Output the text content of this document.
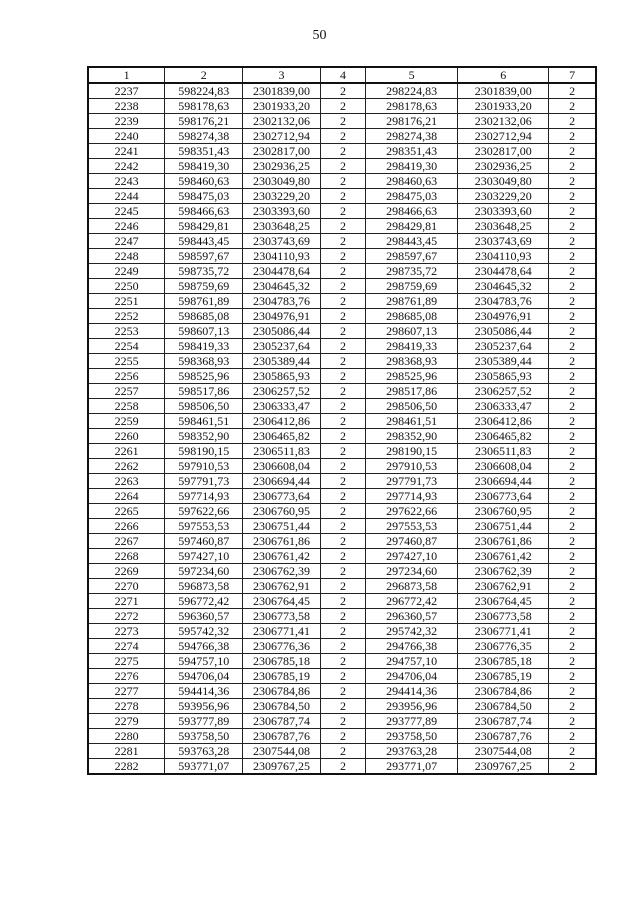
50
1	2	3	4	5	6	7
2237	598224,83	2301839,00	2	298224,83	2301839,00	2
2238	598178,63	2301933,20	2	298178,63	2301933,20	2
2239	598176,21	2302132,06	2	298176,21	2302132,06	2
2240	598274,38	2302712,94	2	298274,38	2302712,94	2
2241	598351,43	2302817,00	2	298351,43	2302817,00	2
2242	598419,30	2302936,25	2	298419,30	2302936,25	2
2243	598460,63	2303049,80	2	298460,63	2303049,80	2
2244	598475,03	2303229,20	2	298475,03	2303229,20	2
2245	598466,63	2303393,60	2	298466,63	2303393,60	2
2246	598429,81	2303648,25	2	298429,81	2303648,25	2
2247	598443,45	2303743,69	2	298443,45	2303743,69	2
2248	598597,67	2304110,93	2	298597,67	2304110,93	2
2249	598735,72	2304478,64	2	298735,72	2304478,64	2
2250	598759,69	2304645,32	2	298759,69	2304645,32	2
2251	598761,89	2304783,76	2	298761,89	2304783,76	2
2252	598685,08	2304976,91	2	298685,08	2304976,91	2
2253	598607,13	2305086,44	2	298607,13	2305086,44	2
2254	598419,33	2305237,64	2	298419,33	2305237,64	2
2255	598368,93	2305389,44	2	298368,93	2305389,44	2
2256	598525,96	2305865,93	2	298525,96	2305865,93	2
2257	598517,86	2306257,52	2	298517,86	2306257,52	2
2258	598506,50	2306333,47	2	298506,50	2306333,47	2
2259	598461,51	2306412,86	2	298461,51	2306412,86	2
2260	598352,90	2306465,82	2	298352,90	2306465,82	2
2261	598190,15	2306511,83	2	298190,15	2306511,83	2
2262	597910,53	2306608,04	2	297910,53	2306608,04	2
2263	597791,73	2306694,44	2	297791,73	2306694,44	2
2264	597714,93	2306773,64	2	297714,93	2306773,64	2
2265	597622,66	2306760,95	2	297622,66	2306760,95	2
2266	597553,53	2306751,44	2	297553,53	2306751,44	2
2267	597460,87	2306761,86	2	297460,87	2306761,86	2
2268	597427,10	2306761,42	2	297427,10	2306761,42	2
2269	597234,60	2306762,39	2	297234,60	2306762,39	2
2270	596873,58	2306762,91	2	296873,58	2306762,91	2
2271	596772,42	2306764,45	2	296772,42	2306764,45	2
2272	596360,57	2306773,58	2	296360,57	2306773,58	2
2273	595742,32	2306771,41	2	295742,32	2306771,41	2
2274	594766,38	2306776,36	2	294766,38	2306776,35	2
2275	594757,10	2306785,18	2	294757,10	2306785,18	2
2276	594706,04	2306785,19	2	294706,04	2306785,19	2
2277	594414,36	2306784,86	2	294414,36	2306784,86	2
2278	593956,96	2306784,50	2	293956,96	2306784,50	2
2279	593777,89	2306787,74	2	293777,89	2306787,74	2
2280	593758,50	2306787,76	2	293758,50	2306787,76	2
2281	593763,28	2307544,08	2	293763,28	2307544,08	2
2282	593771,07	2309767,25	2	293771,07	2309767,25	2
